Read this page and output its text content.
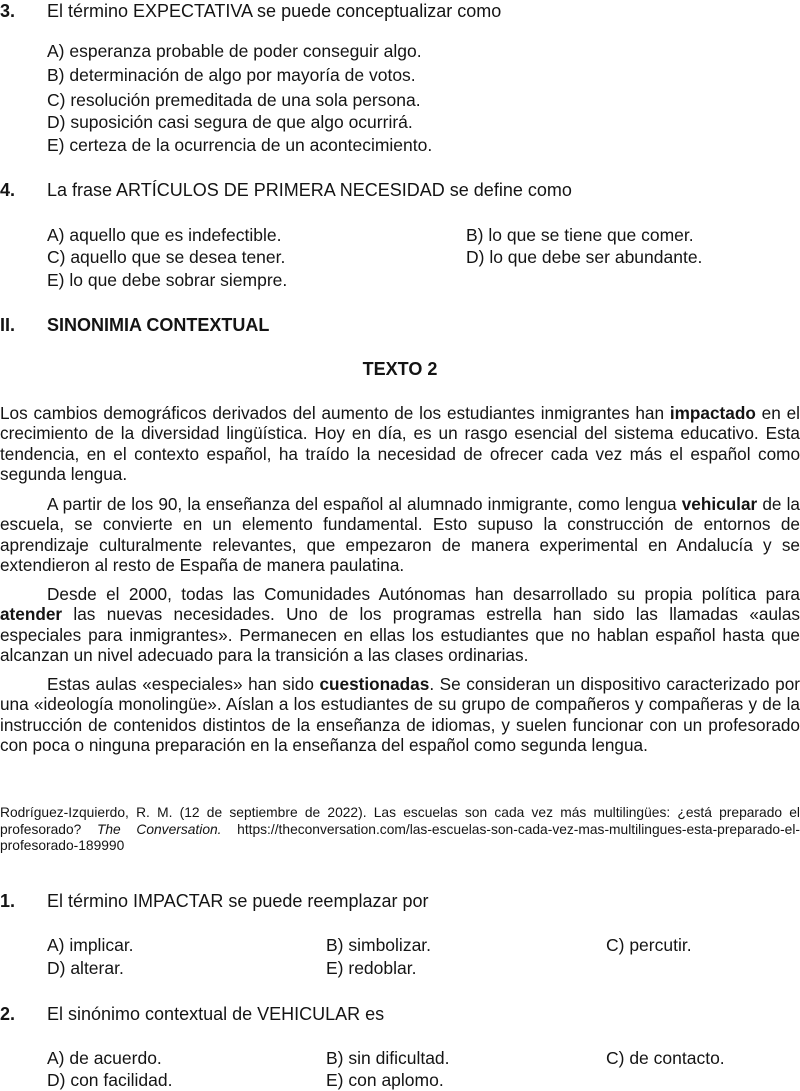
3. El término EXPECTATIVA se puede conceptualizar como
A) esperanza probable de poder conseguir algo.
B) determinación de algo por mayoría de votos.
C) resolución premeditada de una sola persona.
D) suposición casi segura de que algo ocurrirá.
E) certeza de la ocurrencia de un acontecimiento.
4. La frase ARTÍCULOS DE PRIMERA NECESIDAD se define como
A) aquello que es indefectible.	B) lo que se tiene que comer.
C) aquello que se desea tener.	D) lo que debe ser abundante.
E) lo que debe sobrar siempre.
II. SINONIMIA CONTEXTUAL
TEXTO 2

Los cambios demográficos derivados del aumento de los estudiantes inmigrantes han impactado en el crecimiento de la diversidad lingüística. Hoy en día, es un rasgo esencial del sistema educativo. Esta tendencia, en el contexto español, ha traído la necesidad de ofrecer cada vez más el español como segunda lengua.

A partir de los 90, la enseñanza del español al alumnado inmigrante, como lengua vehicular de la escuela, se convierte en un elemento fundamental. Esto supuso la construcción de entornos de aprendizaje culturalmente relevantes, que empezaron de manera experimental en Andalucía y se extendieron al resto de España de manera paulatina.

Desde el 2000, todas las Comunidades Autónomas han desarrollado su propia política para atender las nuevas necesidades. Uno de los programas estrella han sido las llamadas «aulas especiales para inmigrantes». Permanecen en ellas los estudiantes que no hablan español hasta que alcanzan un nivel adecuado para la transición a las clases ordinarias.

Estas aulas «especiales» han sido cuestionadas. Se consideran un dispositivo caracterizado por una «ideología monolingüe». Aíslan a los estudiantes de su grupo de compañeros y compañeras y de la instrucción de contenidos distintos de la enseñanza de idiomas, y suelen funcionar con un profesorado con poca o ninguna preparación en la enseñanza del español como segunda lengua.

Rodríguez-Izquierdo, R. M. (12 de septiembre de 2022). Las escuelas son cada vez más multilingües: ¿está preparado el profesorado? The Conversation. https://theconversation.com/las-escuelas-son-cada-vez-mas-multilingues-esta-preparado-el-profesorado-189990

1. El término IMPACTAR se puede reemplazar por
A) implicar.	B) simbolizar.	C) percutir.
D) alterar.	E) redoblar.
2. El sinónimo contextual de VEHICULAR es
A) de acuerdo.	B) sin dificultad.	C) de contacto.
D) con facilidad.	E) con aplomo.
